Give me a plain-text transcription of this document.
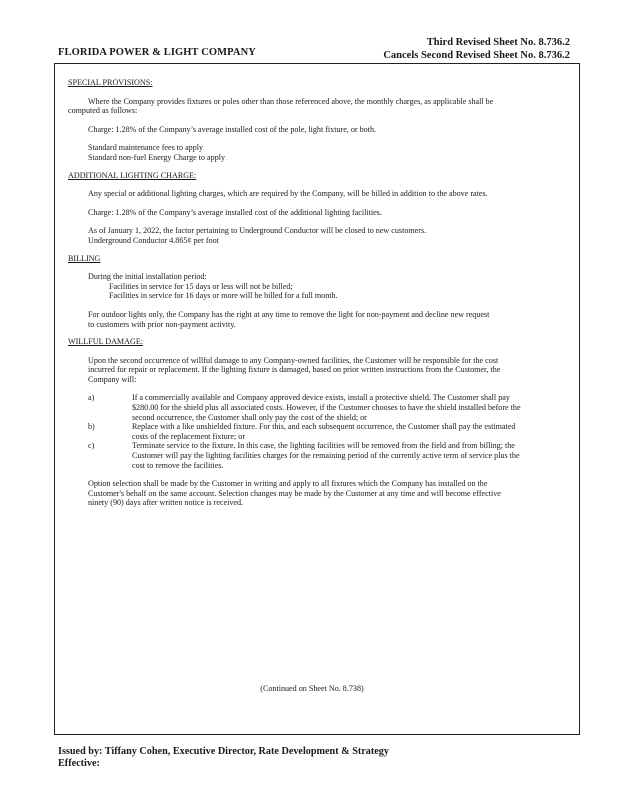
FLORIDA POWER & LIGHT COMPANY
Third Revised Sheet No. 8.736.2
Cancels Second Revised Sheet No. 8.736.2

SPECIAL PROVISIONS:

Where the Company provides fixtures or poles other than those referenced above, the monthly charges, as applicable shall be

computed as follows:

Charge: 1.28% of the Company’s average installed cost of the pole, light fixture, or both.

Standard maintenance fees to apply

Standard non-fuel Energy Charge to apply

ADDITIONAL LIGHTING CHARGE:

Any special or additional lighting charges, which are required by the Company, will be billed in addition to the above rates.

Charge: 1.28% of the Company’s average installed cost of the additional lighting facilities.

As of January 1, 2022, the factor pertaining to Underground Conductor will be closed to new customers.

Underground Conductor 4.865¢ per foot

BILLING

During the initial installation period:

Facilities in service for 15 days or less will not be billed;

Facilities in service for 16 days or more will be billed for a full month.

For outdoor lights only, the Company has the right at any time to remove the light for non-payment and decline new request

to customers with prior non-payment activity.

WILLFUL DAMAGE:

Upon the second occurrence of willful damage to any Company-owned facilities, the Customer will be responsible for the cost

incurred for repair or replacement. If the lighting fixture is damaged, based on prior written instructions from the Customer, the

Company will:

a)	If a commercially available and Company approved device exists, install a protective shield. The Customer shall pay
$280.00 for the shield plus all associated costs. However, if the Customer chooses to have the shield installed before the
second occurrence, the Customer shall only pay the cost of the shield; or
b)	Replace with a like unshielded fixture. For this, and each subsequent occurrence, the Customer shall pay the estimated
costs of the replacement fixture; or
c)	Terminate service to the fixture. In this case, the lighting facilities will be removed from the field and from billing; the
Customer will pay the lighting facilities charges for the remaining period of the currently active term of service plus the
cost to remove the facilities.

Option selection shall be made by the Customer in writing and apply to all fixtures which the Company has installed on the

Customer's behalf on the same account. Selection changes may be made by the Customer at any time and will become effective

ninety (90) days after written notice is received.

(Continued on Sheet No. 8.738)
Issued by: Tiffany Cohen, Executive Director, Rate Development & Strategy
Effective:
